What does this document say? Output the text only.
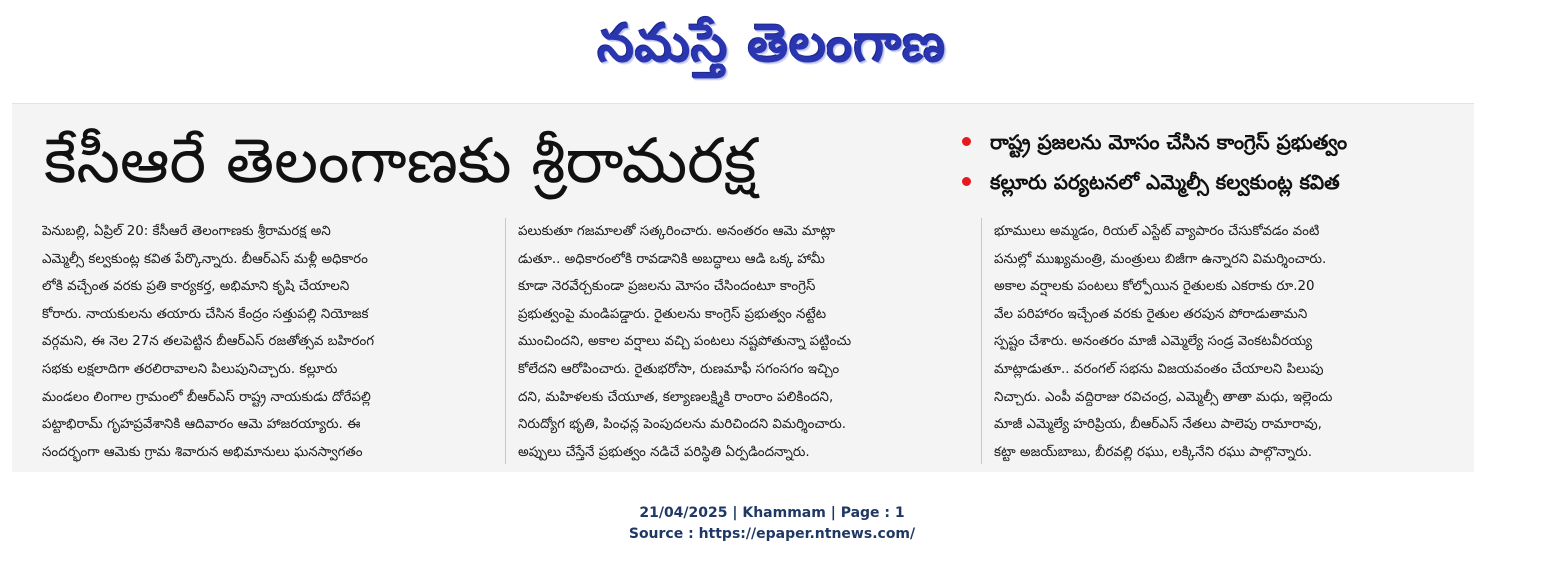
నమస్తే తెలంగాణ
కేసీఆరే తెలంగాణకు శ్రీరామరక్ష	రాష్ట్ర ప్రజలను మోసం చేసిన కాంగ్రెస్ ప్రభుత్వం
కల్లూరు పర్యటనలో ఎమ్మెల్సీ కల్వకుంట్ల కవిత
పెనుబల్లి, ఏప్రిల్ 20: కేసీఆరే తెలంగాణకు శ్రీరామరక్ష అని
ఎమ్మెల్సీ కల్వకుంట్ల కవిత పేర్కొన్నారు. బీఆర్ఎస్ మళ్లీ అధికారం
లోకి వచ్చేంత వరకు ప్రతి కార్యకర్త, అభిమాని కృషి చేయాలని
కోరారు. నాయకులను తయారు చేసిన కేంద్రం సత్తుపల్లి నియోజక
వర్గమని, ఈ నెల 27న తలపెట్టిన బీఆర్ఎస్ రజతోత్సవ బహిరంగ
సభకు లక్షలాదిగా తరలిరావాలని పిలుపునిచ్చారు. కల్లూరు
మండలం లింగాల గ్రామంలో బీఆర్ఎస్ రాష్ట్ర నాయకుడు దోరేపల్లి
పట్టాభిరామ్ గృహప్రవేశానికి ఆదివారం ఆమె హాజరయ్యారు. ఈ
సందర్భంగా ఆమెకు గ్రామ శివారున అభిమానులు ఘనస్వాగతం
పలుకుతూ గజమాలతో సత్కరించారు. అనంతరం ఆమె మాట్లా
డుతూ.. అధికారంలోకి రావడానికి అబద్ధాలు ఆడి ఒక్క హామీ
కూడా నెరవేర్చకుండా ప్రజలను మోసం చేసిందంటూ కాంగ్రెస్
ప్రభుత్వంపై మండిపడ్డారు. రైతులను కాంగ్రెస్ ప్రభుత్వం నట్టేట
ముంచిందని, అకాల వర్షాలు వచ్చి పంటలు నష్టపోతున్నా పట్టించు
కోలేదని ఆరోపించారు. రైతుభరోసా, రుణమాఫీ సగంసగం ఇచ్చిం
దని, మహిళలకు చేయూత, కల్యాణలక్ష్మికి రాంరాం పలికిందని,
నిరుద్యోగ భృతి, పింఛన్ల పెంపుదలను మరిచిందని విమర్శించారు.
అప్పులు చేస్తేనే ప్రభుత్వం నడిచే పరిస్థితి ఏర్పడిందన్నారు.
భూములు అమ్మడం, రియల్ ఎస్టేట్ వ్యాపారం చేసుకోవడం వంటి
పనుల్లో ముఖ్యమంత్రి, మంత్రులు బిజీగా ఉన్నారని విమర్శించారు.
అకాల వర్షాలకు పంటలు కోల్పోయిన రైతులకు ఎకరాకు రూ.20
వేల పరిహారం ఇచ్చేంత వరకు రైతుల తరపున పోరాడుతామని
స్పష్టం చేశారు. అనంతరం మాజీ ఎమ్మెల్యే సండ్ర వెంకటవీరయ్య
మాట్లాడుతూ.. వరంగల్ సభను విజయవంతం చేయాలని పిలుపు
నిచ్చారు. ఎంపీ వద్దిరాజు రవిచంద్ర, ఎమ్మెల్సీ తాతా మధు, ఇల్లెందు
మాజీ ఎమ్మెల్యే హరిప్రియ, బీఆర్ఎస్ నేతలు పాలెపు రామారావు,
కట్టా అజయ్‌బాబు, బీరవల్లి రఘు, లక్కినేని రఘు పాల్గొన్నారు.
21/04/2025 | Khammam | Page : 1
Source : https://epaper.ntnews.com/
